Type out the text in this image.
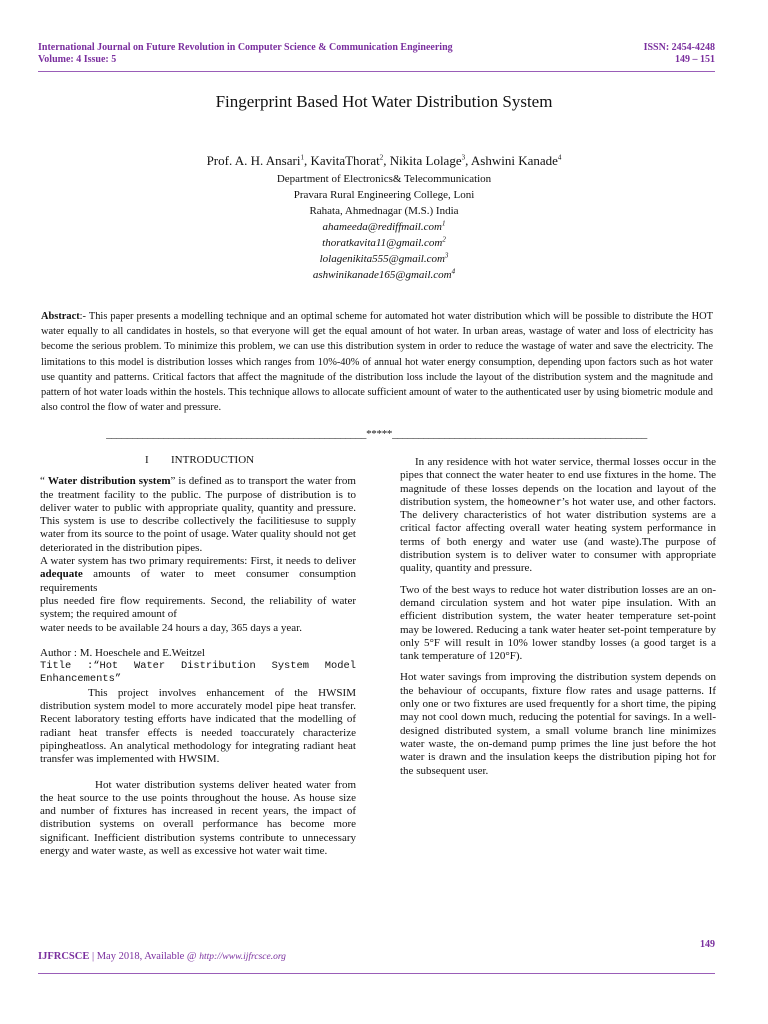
International Journal on Future Revolution in Computer Science & Communication Engineering	ISSN: 2454-4248
Volume: 4 Issue: 5	149 – 151
Fingerprint Based Hot Water Distribution System
Prof. A. H. Ansari$^1$, KavitaThorat$^2$, Nikita Lolage$^3$, Ashwini Kanade$^4$
Department of Electronics& Telecommunication
Pravara Rural Engineering College, Loni
Rahata, Ahmednagar (M.S.) India
ahameeda@rediffmail.com$^1$
thoratkavita11@gmail.com$^2$
lolagenikita555@gmail.com$^3$
ashwinikanade165@gmail.com$^4$
Abstract:- This paper presents a modelling technique and an optimal scheme for automated hot water distribution which will be possible to distribute the HOT water equally to all candidates in hostels, so that everyone will get the equal amount of hot water. In urban areas, wastage of water and loss of electricity has become the serious problem. To minimize this problem, we can use this distribution system in order to reduce the wastage of water and save the electricity. The limitations to this model is distribution losses which ranges from 10%-40% of annual hot water energy consumption, depending upon factors such as hot water use quantity and patterns. Critical factors that affect the magnitude of the distribution loss include the layout of the distribution system and the magnitude and pattern of hot water loads within the hostels. This technique allows to allocate sufficient amount of water to the authenticated user by using biometric module and also control the flow of water and pressure.
__________________________________________________*****_________________________________________________

I INTRODUCTION

“ Water distribution system” is defined as to transport the water from the treatment facility to the public. The purpose of distribution is to deliver water to public with appropriate quality, quantity and pressure. This system is use to describe collectively the facilitiesuse to supply water from its source to the point of usage. Water quality should not get deteriorated in the distribution pipes.

A water system has two primary requirements: First, it needs to deliver adequate amounts of water to meet consumer consumption requirements

plus needed fire flow requirements. Second, the reliability of water system; the required amount of

water needs to be available 24 hours a day, 365 days a year.

Author : M. Hoeschele and E.Weitzel

Title :“Hot Water Distribution System Model

Enhancements”

This project involves enhancement of the HWSIM distribution system model to more accurately model pipe heat transfer. Recent laboratory testing efforts have indicated that the modelling of radiant heat transfer effects is needed toaccurately characterize pipingheatloss. An analytical methodology for integrating radiant heat transfer was implemented with HWSIM.

Hot water distribution systems deliver heated water from the heat source to the use points throughout the house. As house size and number of fixtures has increased in recent years, the impact of distribution systems on overall performance has become more significant. Inefficient distribution systems contribute to unnecessary energy and water waste, as well as excessive hot water wait time.

In any residence with hot water service, thermal losses occur in the pipes that connect the water heater to end use fixtures in the home. The magnitude of these losses depends on the location and layout of the distribution system, the homeowner’s hot water use, and other factors. The delivery characteristics of hot water distribution systems are a critical factor affecting overall water heating system performance in terms of both energy and water use (and waste).The purpose of distribution system is to deliver water to consumer with appropriate quality, quantity and pressure.

Two of the best ways to reduce hot water distribution losses are an on-demand circulation system and hot water pipe insulation. With an efficient distribution system, the water heater temperature set-point may be lowered. Reducing a tank water heater set-point temperature by only 5°F will result in 10% lower standby losses (a good target is a tank temperature of 120°F).

Hot water savings from improving the distribution system depends on the behaviour of occupants, fixture flow rates and usage patterns. If only one or two fixtures are used frequently for a short time, the piping may not cool down much, reducing the potential for savings. In a well-designed distributed system, a small volume branch line minimizes water waste, the on-demand pump primes the line just before the hot water is drawn and the insulation keeps the distribution piping hot for the subsequent user.

149
IJFRCSCE | May 2018, Available @ http://www.ijfrcsce.org
